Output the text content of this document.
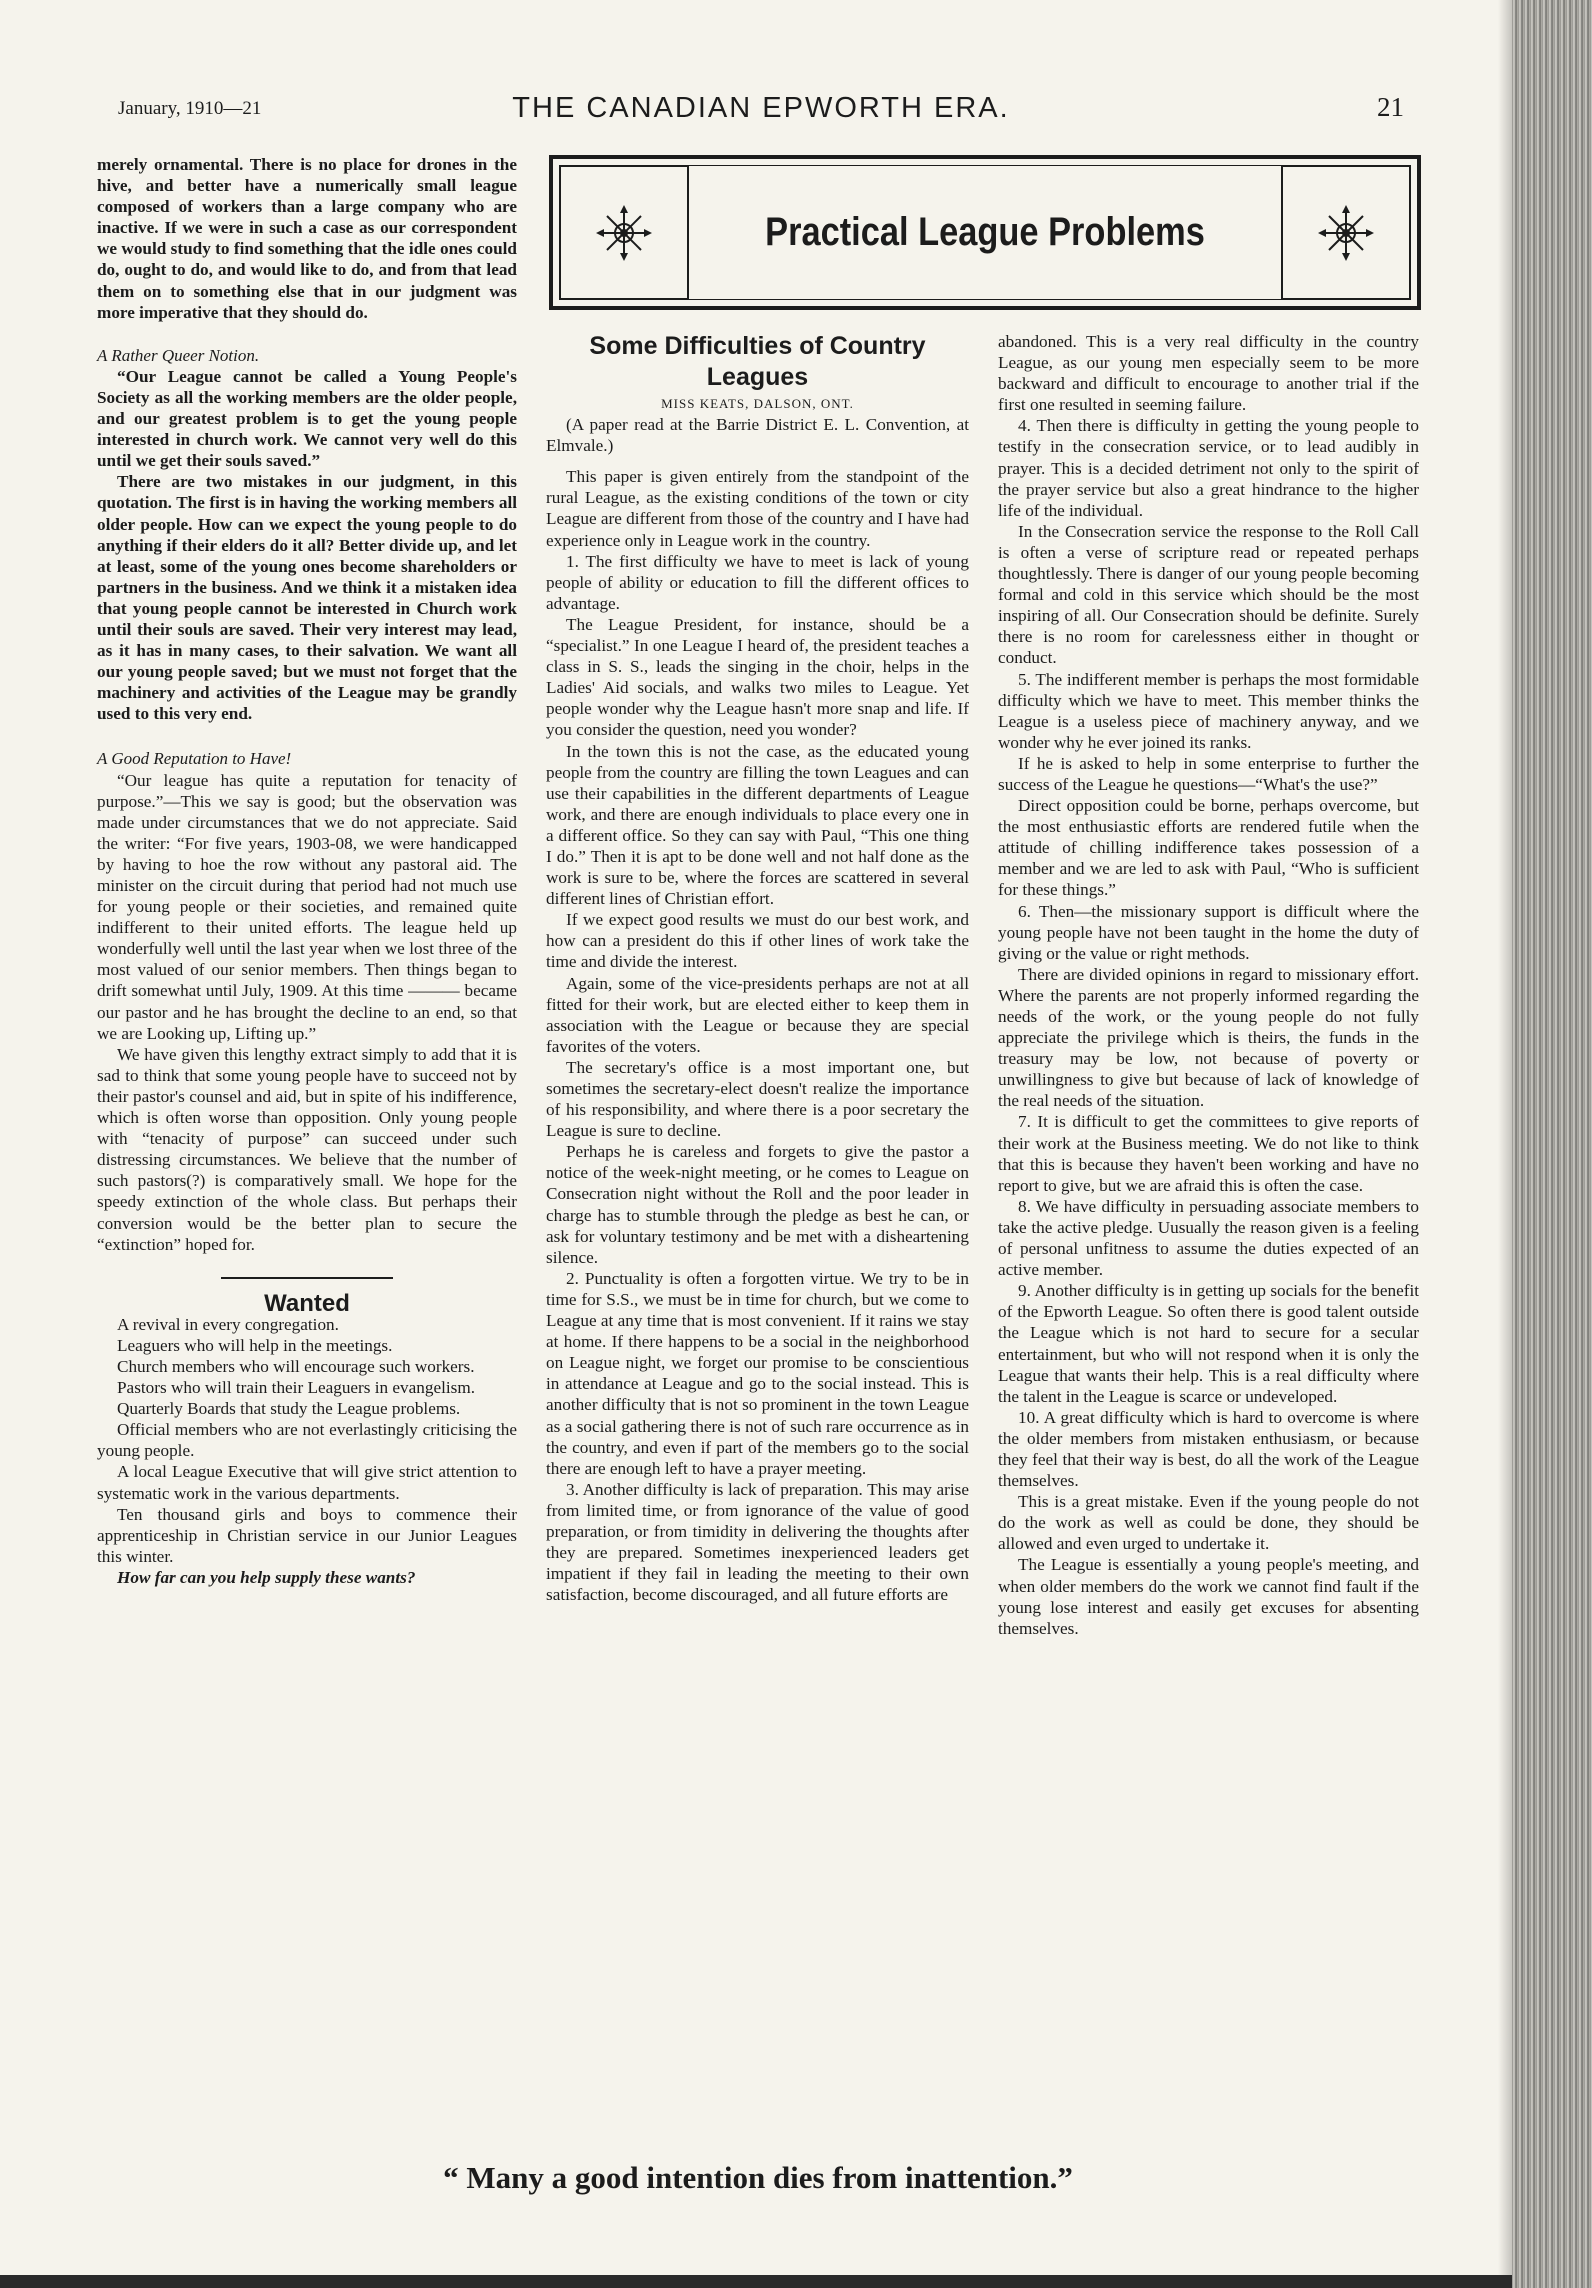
January, 1910—21	THE CANADIAN EPWORTH ERA.	21

merely ornamental. There is no place for drones in the hive, and better have a numerically small league composed of workers than a large company who are inactive. If we were in such a case as our correspondent we would study to find something that the idle ones could do, ought to do, and would like to do, and from that lead them on to something else that in our judgment was more imperative that they should do.

A Rather Queer Notion.

“Our League cannot be called a Young People's Society as all the working members are the older people, and our greatest problem is to get the young people interested in church work. We cannot very well do this until we get their souls saved.”

There are two mistakes in our judgment, in this quotation. The first is in having the working members all older people. How can we expect the young people to do anything if their elders do it all? Better divide up, and let at least, some of the young ones become shareholders or partners in the business. And we think it a mistaken idea that young people cannot be interested in Church work until their souls are saved. Their very interest may lead, as it has in many cases, to their salvation. We want all our young people saved; but we must not forget that the machinery and activities of the League may be grandly used to this very end.

A Good Reputation to Have!

“Our league has quite a reputation for tenacity of purpose.”—This we say is good; but the observation was made under circumstances that we do not appreciate. Said the writer: “For five years, 1903-08, we were handicapped by having to hoe the row without any pastoral aid. The minister on the circuit during that period had not much use for young people or their societies, and remained quite indifferent to their united efforts. The league held up wonderfully well until the last year when we lost three of the most valued of our senior members. Then things began to drift somewhat until July, 1909. At this time ——— became our pastor and he has brought the decline to an end, so that we are Looking up, Lifting up.”

We have given this lengthy extract simply to add that it is sad to think that some young people have to succeed not by their pastor's counsel and aid, but in spite of his indifference, which is often worse than opposition. Only young people with “tenacity of purpose” can succeed under such distressing circumstances. We believe that the number of such pastors(?) is comparatively small. We hope for the speedy extinction of the whole class. But perhaps their conversion would be the better plan to secure the “extinction” hoped for.

Wanted

A revival in every congregation.

Leaguers who will help in the meetings.

Church members who will encourage such workers.

Pastors who will train their Leaguers in evangelism.

Quarterly Boards that study the League problems.

Official members who are not everlastingly criticising the young people.

A local League Executive that will give strict attention to systematic work in the various departments.

Ten thousand girls and boys to commence their apprenticeship in Christian service in our Junior Leagues this winter.

How far can you help supply these wants?

Practical League Problems

Some Difficulties of Country Leagues

MISS KEATS, DALSON, ONT.

(A paper read at the Barrie District E. L. Convention, at Elmvale.)

This paper is given entirely from the standpoint of the rural League, as the existing conditions of the town or city League are different from those of the country and I have had experience only in League work in the country.

1. The first difficulty we have to meet is lack of young people of ability or education to fill the different offices to advantage.

The League President, for instance, should be a “specialist.” In one League I heard of, the president teaches a class in S. S., leads the singing in the choir, helps in the Ladies' Aid socials, and walks two miles to League. Yet people wonder why the League hasn't more snap and life. If you consider the question, need you wonder?

In the town this is not the case, as the educated young people from the country are filling the town Leagues and can use their capabilities in the different departments of League work, and there are enough individuals to place every one in a different office. So they can say with Paul, “This one thing I do.” Then it is apt to be done well and not half done as the work is sure to be, where the forces are scattered in several different lines of Christian effort.

If we expect good results we must do our best work, and how can a president do this if other lines of work take the time and divide the interest.

Again, some of the vice-presidents perhaps are not at all fitted for their work, but are elected either to keep them in association with the League or because they are special favorites of the voters.

The secretary's office is a most important one, but sometimes the secretary-elect doesn't realize the importance of his responsibility, and where there is a poor secretary the League is sure to decline.

Perhaps he is careless and forgets to give the pastor a notice of the week-night meeting, or he comes to League on Consecration night without the Roll and the poor leader in charge has to stumble through the pledge as best he can, or ask for voluntary testimony and be met with a disheartening silence.

2. Punctuality is often a forgotten virtue. We try to be in time for S.S., we must be in time for church, but we come to League at any time that is most convenient. If it rains we stay at home. If there happens to be a social in the neighborhood on League night, we forget our promise to be conscientious in attendance at League and go to the social instead. This is another difficulty that is not so prominent in the town League as a social gathering there is not of such rare occurrence as in the country, and even if part of the members go to the social there are enough left to have a prayer meeting.

3. Another difficulty is lack of preparation. This may arise from limited time, or from ignorance of the value of good preparation, or from timidity in delivering the thoughts after they are prepared. Sometimes inexperienced leaders get impatient if they fail in leading the meeting to their own satisfaction, become discouraged, and all future efforts are

abandoned. This is a very real difficulty in the country League, as our young men especially seem to be more backward and difficult to encourage to another trial if the first one resulted in seeming failure.

4. Then there is difficulty in getting the young people to testify in the consecration service, or to lead audibly in prayer. This is a decided detriment not only to the spirit of the prayer service but also a great hindrance to the higher life of the individual.

In the Consecration service the response to the Roll Call is often a verse of scripture read or repeated perhaps thoughtlessly. There is danger of our young people becoming formal and cold in this service which should be the most inspiring of all. Our Consecration should be definite. Surely there is no room for carelessness either in thought or conduct.

5. The indifferent member is perhaps the most formidable difficulty which we have to meet. This member thinks the League is a useless piece of machinery anyway, and we wonder why he ever joined its ranks.

If he is asked to help in some enterprise to further the success of the League he questions—“What's the use?”

Direct opposition could be borne, perhaps overcome, but the most enthusiastic efforts are rendered futile when the attitude of chilling indifference takes possession of a member and we are led to ask with Paul, “Who is sufficient for these things.”

6. Then—the missionary support is difficult where the young people have not been taught in the home the duty of giving or the value or right methods.

There are divided opinions in regard to missionary effort. Where the parents are not properly informed regarding the needs of the work, or the young people do not fully appreciate the privilege which is theirs, the funds in the treasury may be low, not because of poverty or unwillingness to give but because of lack of knowledge of the real needs of the situation.

7. It is difficult to get the committees to give reports of their work at the Business meeting. We do not like to think that this is because they haven't been working and have no report to give, but we are afraid this is often the case.

8. We have difficulty in persuading associate members to take the active pledge. Uusually the reason given is a feeling of personal unfitness to assume the duties expected of an active member.

9. Another difficulty is in getting up socials for the benefit of the Epworth League. So often there is good talent outside the League which is not hard to secure for a secular entertainment, but who will not respond when it is only the League that wants their help. This is a real difficulty where the talent in the League is scarce or undeveloped.

10. A great difficulty which is hard to overcome is where the older members from mistaken enthusiasm, or because they feel that their way is best, do all the work of the League themselves.

This is a great mistake. Even if the young people do not do the work as well as could be done, they should be allowed and even urged to undertake it.

The League is essentially a young people's meeting, and when older members do the work we cannot find fault if the young lose interest and easily get excuses for absenting themselves.

“ Many a good intention dies from inattention.”
